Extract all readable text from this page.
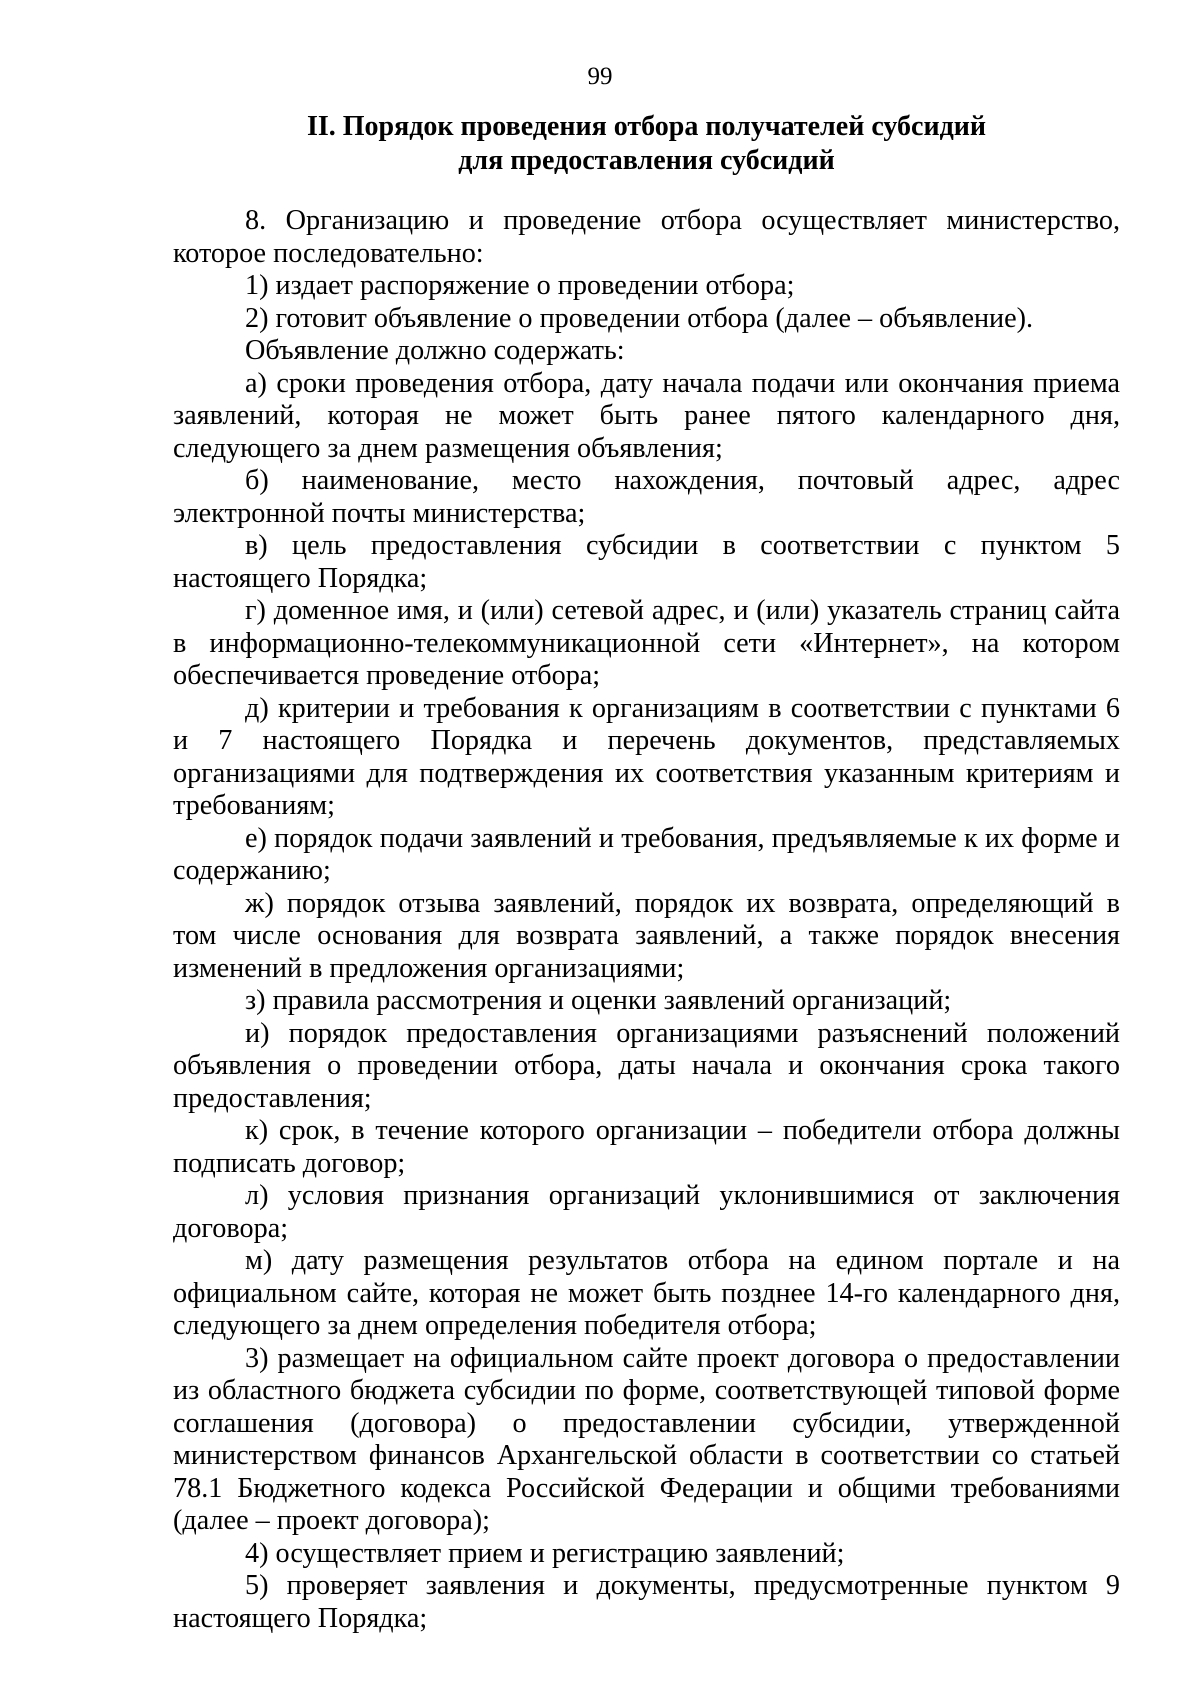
99
II. Порядок проведения отбора получателей субсидий
для предоставления субсидий

8. Организацию и проведение отбора осуществляет министерство, которое последовательно:

1) издает распоряжение о проведении отбора;

2) готовит объявление о проведении отбора (далее – объявление).

Объявление должно содержать:

а) сроки проведения отбора, дату начала подачи или окончания приема заявлений, которая не может быть ранее пятого календарного дня, следующего за днем размещения объявления;

б) наименование, место нахождения, почтовый адрес, адрес электронной почты министерства;

в) цель предоставления субсидии в соответствии с пунктом 5 настоящего Порядка;

г) доменное имя, и (или) сетевой адрес, и (или) указатель страниц сайта в информационно-телекоммуникационной сети «Интернет», на котором обеспечивается проведение отбора;

д) критерии и требования к организациям в соответствии с пунктами 6 и 7 настоящего Порядка и перечень документов, представляемых организациями для подтверждения их соответствия указанным критериям и требованиям;

е) порядок подачи заявлений и требования, предъявляемые к их форме и содержанию;

ж) порядок отзыва заявлений, порядок их возврата, определяющий в том числе основания для возврата заявлений, а также порядок внесения изменений в предложения организациями;

з) правила рассмотрения и оценки заявлений организаций;

и) порядок предоставления организациями разъяснений положений объявления о проведении отбора, даты начала и окончания срока такого предоставления;

к) срок, в течение которого организации – победители отбора должны подписать договор;

л) условия признания организаций уклонившимися от заключения договора;

м) дату размещения результатов отбора на едином портале и на официальном сайте, которая не может быть позднее 14-го календарного дня, следующего за днем определения победителя отбора;

3) размещает на официальном сайте проект договора о предоставлении из областного бюджета субсидии по форме, соответствующей типовой форме соглашения (договора) о предоставлении субсидии, утвержденной министерством финансов Архангельской области в соответствии со статьей 78.1 Бюджетного кодекса Российской Федерации и общими требованиями (далее – проект договора);

4) осуществляет прием и регистрацию заявлений;

5) проверяет заявления и документы, предусмотренные пунктом 9 настоящего Порядка;
